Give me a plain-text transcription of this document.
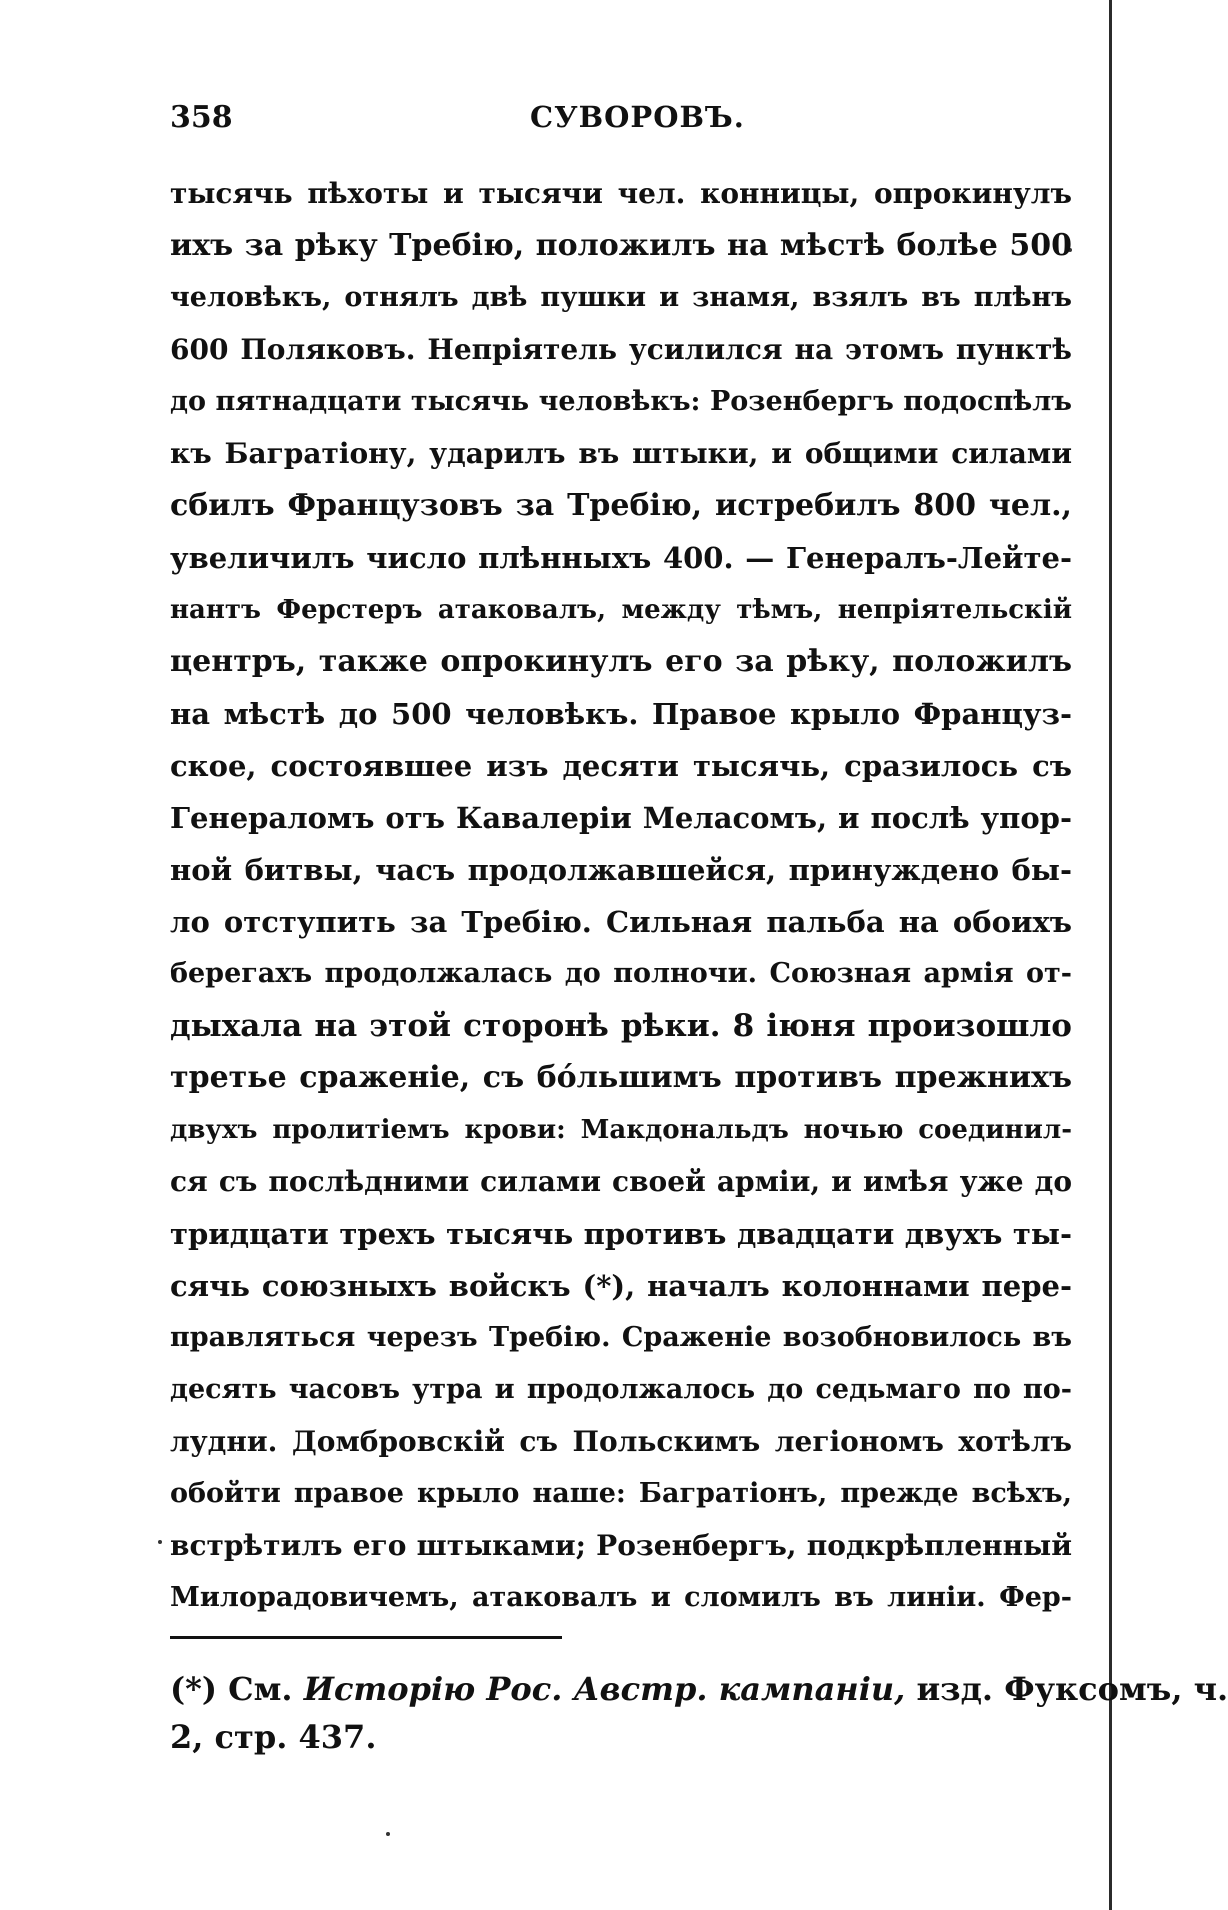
358	СУВОРОВЪ.
тысячь пѣхоты и тысячи чел. конницы, опрокинулъ
ихъ за рѣку Требію, положилъ на мѣстѣ болѣе 500
человѣкъ, отнялъ двѣ пушки и знамя, взялъ въ плѣнъ
600 Поляковъ. Непріятель усилился на этомъ пунктѣ
до пятнадцати тысячь человѣкъ: Розенбергъ подоспѣлъ
къ Багратіону, ударилъ въ штыки, и общими силами
сбилъ Французовъ за Требію, истребилъ 800 чел.,
увеличилъ число плѣнныхъ 400. — Генералъ-Лейте-
нантъ Ферстеръ атаковалъ, между тѣмъ, непріятельскій
центръ, также опрокинулъ его за рѣку, положилъ
на мѣстѣ до 500 человѣкъ. Правое крыло Француз-
ское, состоявшее изъ десяти тысячь, сразилось съ
Генераломъ отъ Кавалеріи Меласомъ, и послѣ упор-
ной битвы, часъ продолжавшейся, принуждено бы-
ло отступить за Требію. Сильная пальба на обоихъ
берегахъ продолжалась до полночи. Союзная армія от-
дыхала на этой сторонѣ рѣки. 8 іюня произошло
третье сраженіе, съ бо́льшимъ противъ прежнихъ
двухъ пролитіемъ крови: Макдональдъ ночью соединил-
ся съ послѣдними силами своей арміи, и имѣя уже до
тридцати трехъ тысячь противъ двадцати двухъ ты-
сячь союзныхъ войскъ (*), началъ колоннами пере-
правляться черезъ Требію. Сраженіе возобновилось въ
десять часовъ утра и продолжалось до седьмаго по по-
лудни. Домбровскій съ Польскимъ легіономъ хотѣлъ
обойти правое крыло наше: Багратіонъ, прежде всѣхъ,
встрѣтилъ его штыками; Розенбергъ, подкрѣпленный
Милорадовичемъ, атаковалъ и сломилъ въ линіи. Фер-
(*) См. Исторію Рос. Австр. кампаніи, изд. Фуксомъ, ч.
2, стр. 437.
